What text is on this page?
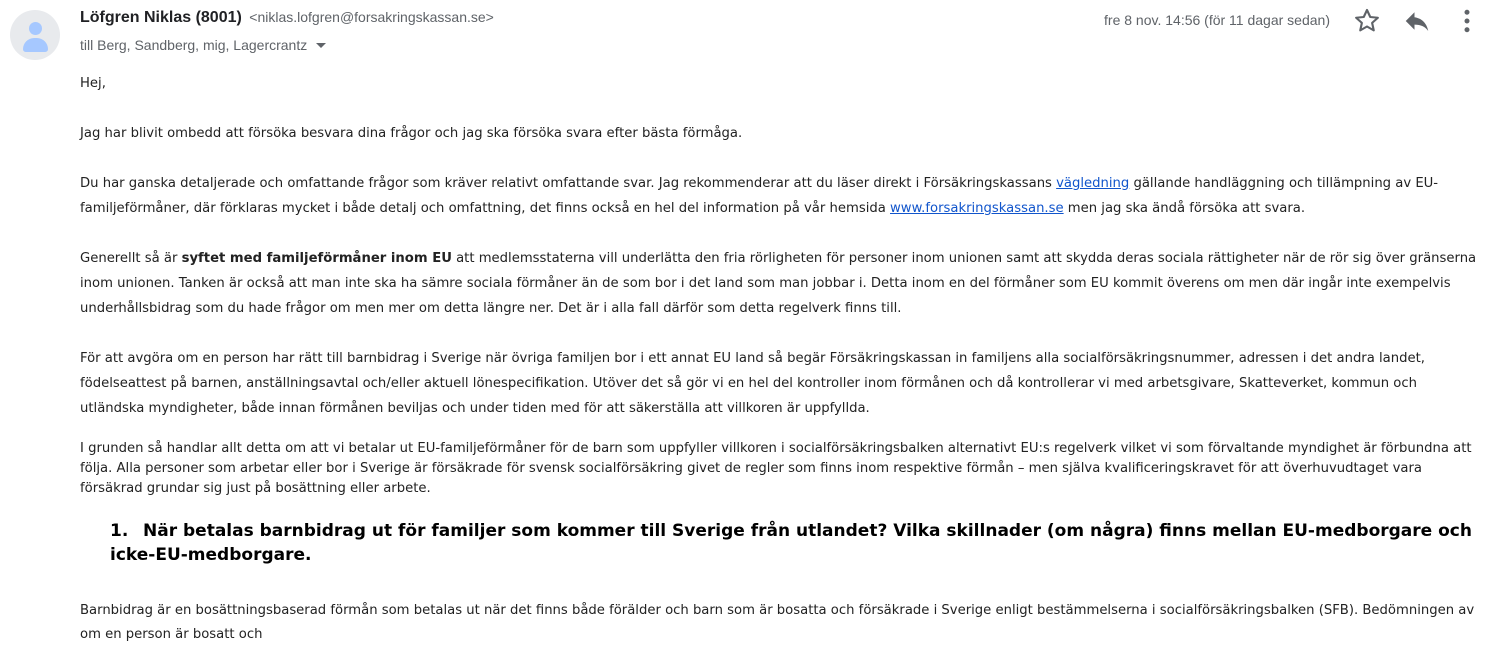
Löfgren Niklas (8001) <niklas.lofgren@forsakringskassan.se>
till Berg, Sandberg, mig, Lagercrantz
fre 8 nov. 14:56 (för 11 dagar sedan)

Hej,

Jag har blivit ombedd att försöka besvara dina frågor och jag ska försöka svara efter bästa förmåga.

Du har ganska detaljerade och omfattande frågor som kräver relativt omfattande svar. Jag rekommenderar att du läser direkt i Försäkringskassans vägledning gällande handläggning och tillämpning av EU-familjeförmåner, där förklaras mycket i både detalj och omfattning, det finns också en hel del information på vår hemsida www.forsakringskassan.se men jag ska ändå försöka att svara.

Generellt så är syftet med familjeförmåner inom EU att medlemsstaterna vill underlätta den fria rörligheten för personer inom unionen samt att skydda deras sociala rättigheter när de rör sig över gränserna inom unionen. Tanken är också att man inte ska ha sämre sociala förmåner än de som bor i det land som man jobbar i. Detta inom en del förmåner som EU kommit överens om men där ingår inte exempelvis underhållsbidrag som du hade frågor om men mer om detta längre ner. Det är i alla fall därför som detta regelverk finns till.

För att avgöra om en person har rätt till barnbidrag i Sverige när övriga familjen bor i ett annat EU land så begär Försäkringskassan in familjens alla socialförsäkringsnummer, adressen i det andra landet, födelseattest på barnen, anställningsavtal och/eller aktuell lönespecifikation. Utöver det så gör vi en hel del kontroller inom förmånen och då kontrollerar vi med arbetsgivare, Skatteverket, kommun och utländska myndigheter, både innan förmånen beviljas och under tiden med för att säkerställa att villkoren är uppfyllda.

I grunden så handlar allt detta om att vi betalar ut EU-familjeförmåner för de barn som uppfyller villkoren i socialförsäkringsbalken alternativt EU:s regelverk vilket vi som förvaltande myndighet är förbundna att följa. Alla personer som arbetar eller bor i Sverige är försäkrade för svensk socialförsäkring givet de regler som finns inom respektive förmån – men själva kvalificeringskravet för att överhuvudtaget vara försäkrad grundar sig just på bosättning eller arbete.

1. När betalas barnbidrag ut för familjer som kommer till Sverige från utlandet? Vilka skillnader (om några) finns mellan EU-medborgare och icke-EU-medborgare.

Barnbidrag är en bosättningsbaserad förmån som betalas ut när det finns både förälder och barn som är bosatta och försäkrade i Sverige enligt bestämmelserna i socialförsäkringsbalken (SFB). Bedömningen av om en person är bosatt och
